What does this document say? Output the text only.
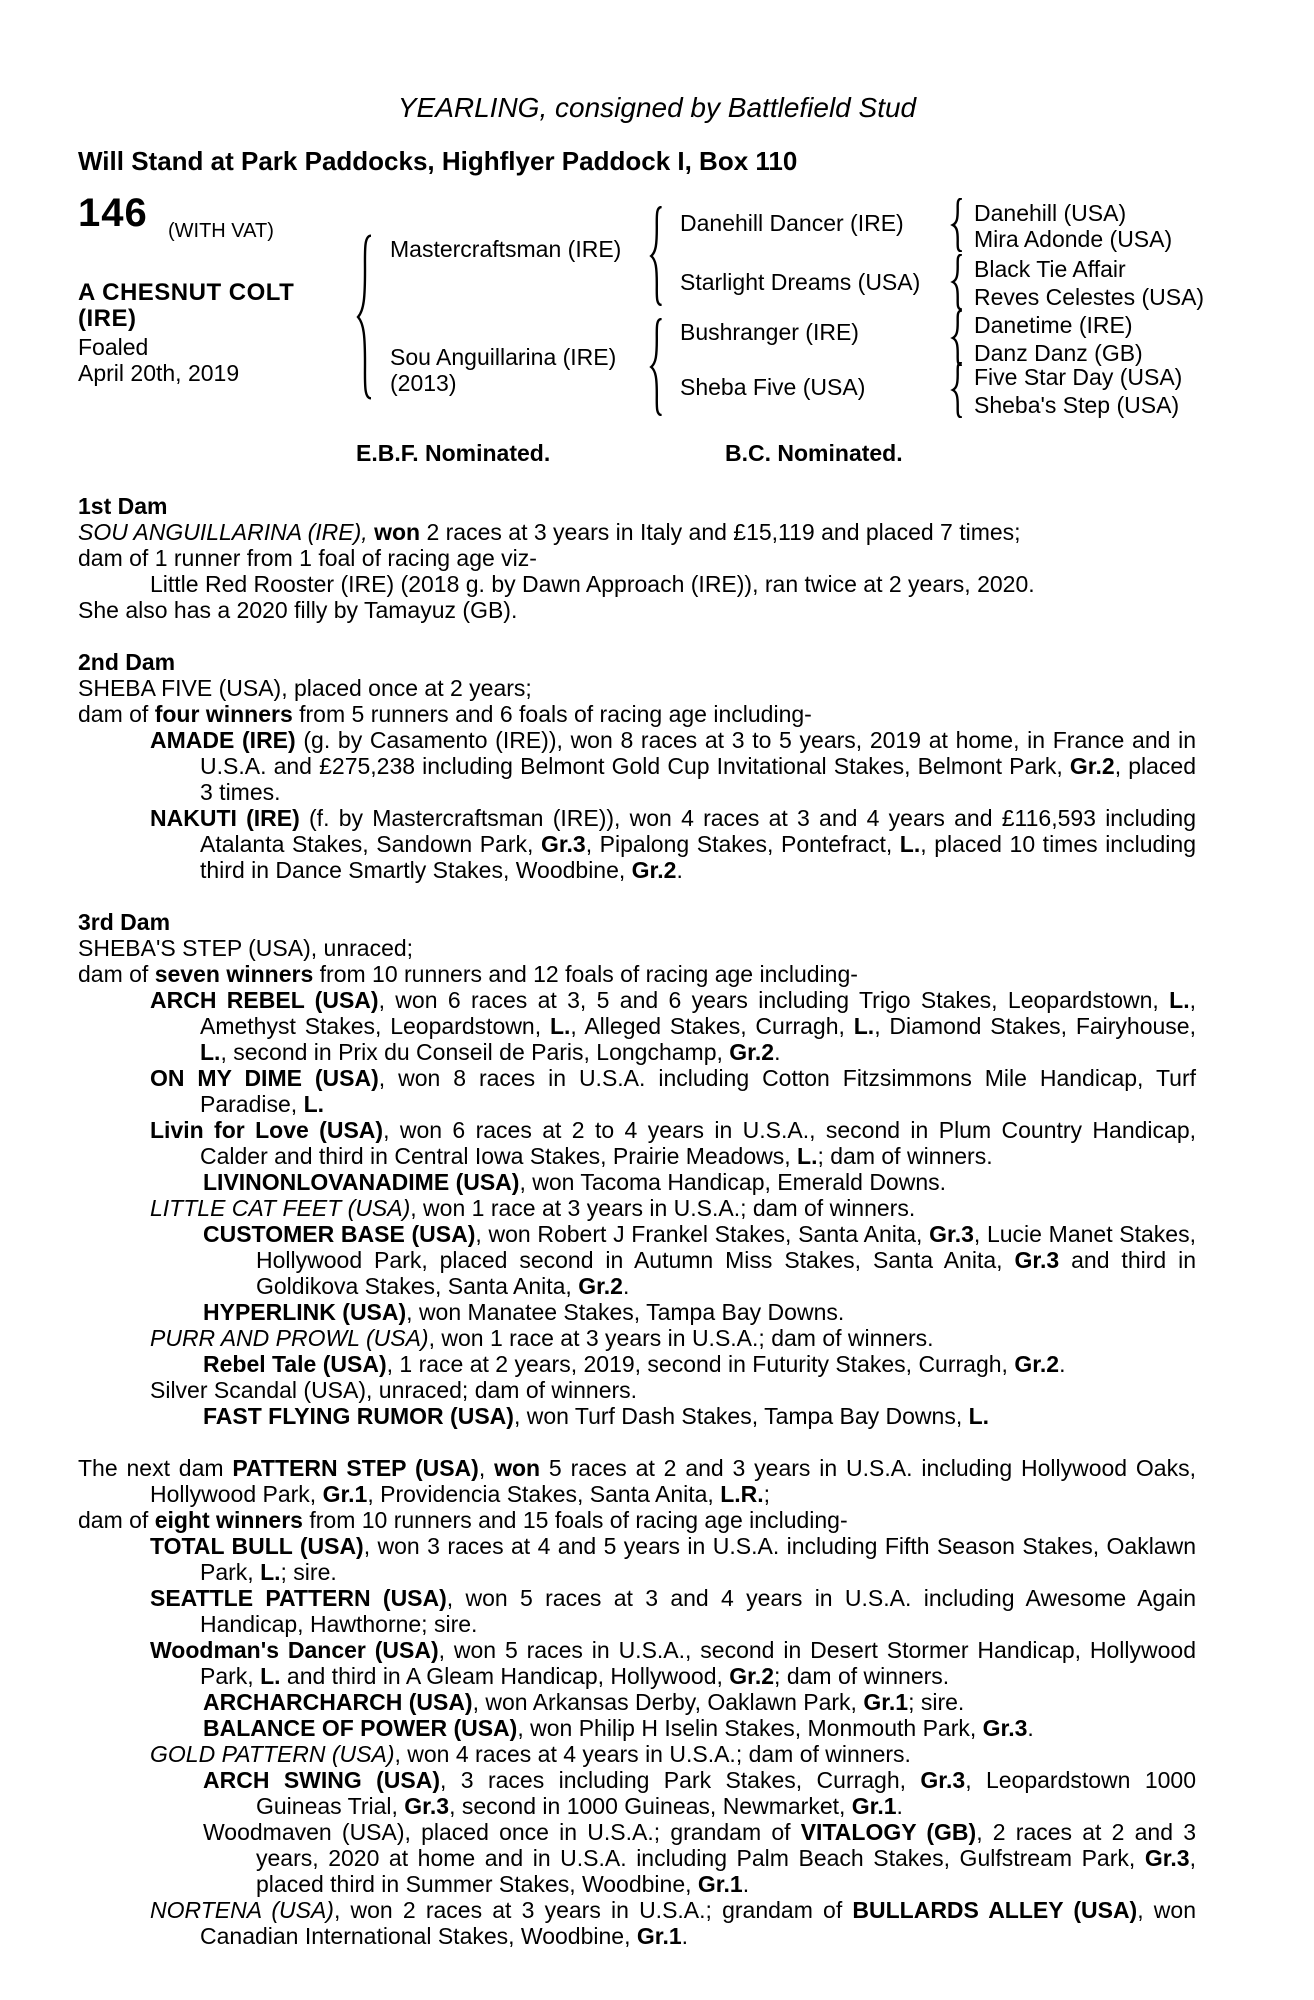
YEARLING, consigned by Battlefield Stud
Will Stand at Park Paddocks, Highflyer Paddock I, Box 110
146 (WITH VAT)
A CHESNUT COLT
(IRE)
Foaled
April 20th, 2019
Mastercraftsman (IRE)
Sou Anguillarina (IRE)
(2013)
Danehill Dancer (IRE)
Starlight Dreams (USA)
Bushranger (IRE)
Sheba Five (USA)
Danehill (USA)
Mira Adonde (USA)
Black Tie Affair
Reves Celestes (USA)
Danetime (IRE)
Danz Danz (GB)
Five Star Day (USA)
Sheba's Step (USA)
E.B.F. Nominated.	B.C. Nominated.

1st Dam

SOU ANGUILLARINA (IRE), won 2 races at 3 years in Italy and £15,119 and placed 7 times;

dam of 1 runner from 1 foal of racing age viz-

Little Red Rooster (IRE) (2018 g. by Dawn Approach (IRE)), ran twice at 2 years, 2020.

She also has a 2020 filly by Tamayuz (GB).

2nd Dam

SHEBA FIVE (USA), placed once at 2 years;

dam of four winners from 5 runners and 6 foals of racing age including-

AMADE (IRE) (g. by Casamento (IRE)), won 8 races at 3 to 5 years, 2019 at home, in France and in U.S.A. and £275,238 including Belmont Gold Cup Invitational Stakes, Belmont Park, Gr.2, placed 3 times.

NAKUTI (IRE) (f. by Mastercraftsman (IRE)), won 4 races at 3 and 4 years and £116,593 including Atalanta Stakes, Sandown Park, Gr.3, Pipalong Stakes, Pontefract, L., placed 10 times including third in Dance Smartly Stakes, Woodbine, Gr.2.

3rd Dam

SHEBA'S STEP (USA), unraced;

dam of seven winners from 10 runners and 12 foals of racing age including-

ARCH REBEL (USA), won 6 races at 3, 5 and 6 years including Trigo Stakes, Leopardstown, L., Amethyst Stakes, Leopardstown, L., Alleged Stakes, Curragh, L., Diamond Stakes, Fairyhouse, L., second in Prix du Conseil de Paris, Longchamp, Gr.2.

ON MY DIME (USA), won 8 races in U.S.A. including Cotton Fitzsimmons Mile Handicap, Turf Paradise, L.

Livin for Love (USA), won 6 races at 2 to 4 years in U.S.A., second in Plum Country Handicap, Calder and third in Central Iowa Stakes, Prairie Meadows, L.; dam of winners.

LIVINONLOVANADIME (USA), won Tacoma Handicap, Emerald Downs.

LITTLE CAT FEET (USA), won 1 race at 3 years in U.S.A.; dam of winners.

CUSTOMER BASE (USA), won Robert J Frankel Stakes, Santa Anita, Gr.3, Lucie Manet Stakes, Hollywood Park, placed second in Autumn Miss Stakes, Santa Anita, Gr.3 and third in Goldikova Stakes, Santa Anita, Gr.2.

HYPERLINK (USA), won Manatee Stakes, Tampa Bay Downs.

PURR AND PROWL (USA), won 1 race at 3 years in U.S.A.; dam of winners.

Rebel Tale (USA), 1 race at 2 years, 2019, second in Futurity Stakes, Curragh, Gr.2.

Silver Scandal (USA), unraced; dam of winners.

FAST FLYING RUMOR (USA), won Turf Dash Stakes, Tampa Bay Downs, L.

The next dam PATTERN STEP (USA), won 5 races at 2 and 3 years in U.S.A. including Hollywood Oaks, Hollywood Park, Gr.1, Providencia Stakes, Santa Anita, L.R.;

dam of eight winners from 10 runners and 15 foals of racing age including-

TOTAL BULL (USA), won 3 races at 4 and 5 years in U.S.A. including Fifth Season Stakes, Oaklawn Park, L.; sire.

SEATTLE PATTERN (USA), won 5 races at 3 and 4 years in U.S.A. including Awesome Again Handicap, Hawthorne; sire.

Woodman's Dancer (USA), won 5 races in U.S.A., second in Desert Stormer Handicap, Hollywood Park, L. and third in A Gleam Handicap, Hollywood, Gr.2; dam of winners.

ARCHARCHARCH (USA), won Arkansas Derby, Oaklawn Park, Gr.1; sire.

BALANCE OF POWER (USA), won Philip H Iselin Stakes, Monmouth Park, Gr.3.

GOLD PATTERN (USA), won 4 races at 4 years in U.S.A.; dam of winners.

ARCH SWING (USA), 3 races including Park Stakes, Curragh, Gr.3, Leopardstown 1000 Guineas Trial, Gr.3, second in 1000 Guineas, Newmarket, Gr.1.

Woodmaven (USA), placed once in U.S.A.; grandam of VITALOGY (GB), 2 races at 2 and 3 years, 2020 at home and in U.S.A. including Palm Beach Stakes, Gulfstream Park, Gr.3, placed third in Summer Stakes, Woodbine, Gr.1.

NORTENA (USA), won 2 races at 3 years in U.S.A.; grandam of BULLARDS ALLEY (USA), won Canadian International Stakes, Woodbine, Gr.1.
